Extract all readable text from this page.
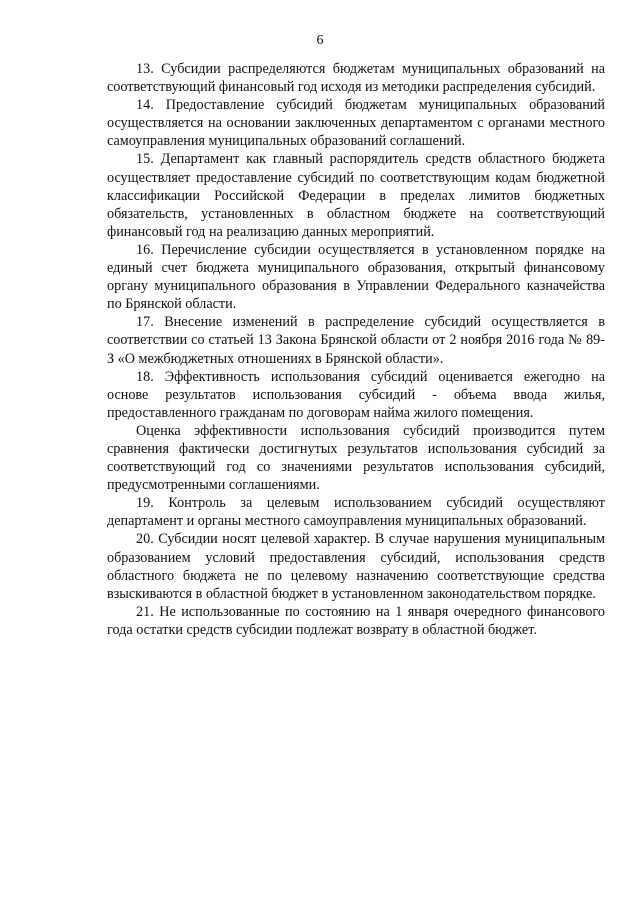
6

13. Субсидии распределяются бюджетам муниципальных образований на соответствующий финансовый год исходя из методики распределения субсидий.

14. Предоставление субсидий бюджетам муниципальных образований осуществляется на основании заключенных департаментом с органами местного самоуправления муниципальных образований соглашений.

15. Департамент как главный распорядитель средств областного бюджета осуществляет предоставление субсидий по соответствующим кодам бюджетной классификации Российской Федерации в пределах лимитов бюджетных обязательств, установленных в областном бюджете на соответствующий финансовый год на реализацию данных мероприятий.

16. Перечисление субсидии осуществляется в установленном порядке на единый счет бюджета муниципального образования, открытый финансовому органу муниципального образования в Управлении Федерального казначейства по Брянской области.

17. Внесение изменений в распределение субсидий осуществляется в соответствии со статьей 13 Закона Брянской области от 2 ноября 2016 года № 89-З «О межбюджетных отношениях в Брянской области».

18. Эффективность использования субсидий оценивается ежегодно на основе результатов использования субсидий - объема ввода жилья, предоставленного гражданам по договорам найма жилого помещения.

Оценка эффективности использования субсидий производится путем сравнения фактически достигнутых результатов использования субсидий за соответствующий год со значениями результатов использования субсидий, предусмотренными соглашениями.

19. Контроль за целевым использованием субсидий осуществляют департамент и органы местного самоуправления муниципальных образований.

20. Субсидии носят целевой характер. В случае нарушения муниципальным образованием условий предоставления субсидий, использования средств областного бюджета не по целевому назначению соответствующие средства взыскиваются в областной бюджет в установленном законодательством порядке.

21. Не использованные по состоянию на 1 января очередного финансового года остатки средств субсидии подлежат возврату в областной бюджет.
